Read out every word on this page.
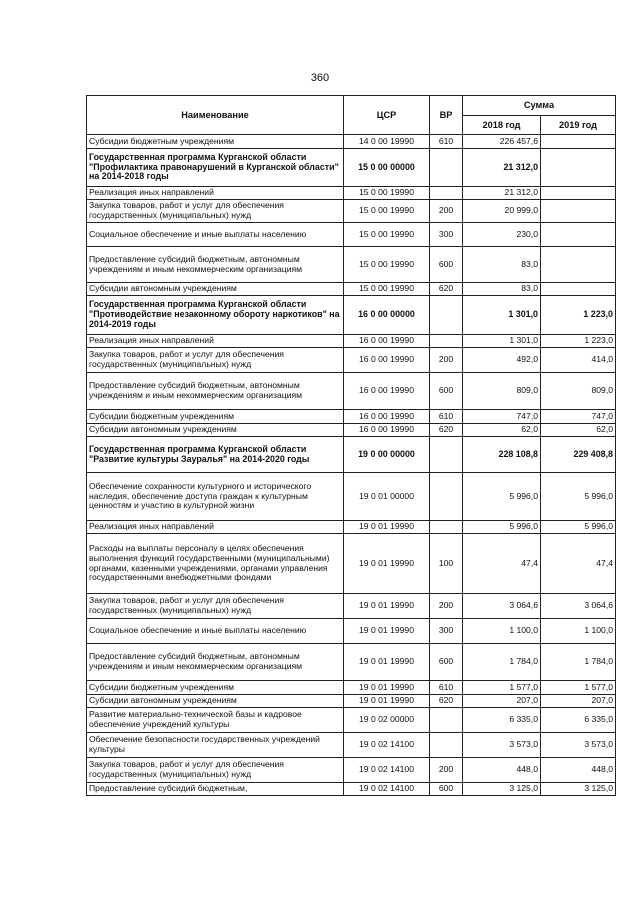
360
Наименование	ЦСР	ВР	Сумма	
			2018 год	2019 год
Субсидии бюджетным учреждениям	14 0 00 19990	610	226 457,6	
Государственная программа Курганской области "Профилактика правонарушений в Курганской области" на 2014-2018 годы	15 0 00 00000		21 312,0	
Реализация иных направлений	15 0 00 19990		21 312,0	
Закупка товаров, работ и услуг для обеспечения государственных (муниципальных) нужд	15 0 00 19990	200	20 999,0	
Социальное обеспечение и иные выплаты населению	15 0 00 19990	300	230,0	
Предоставление субсидий бюджетным, автономным учреждениям и иным некоммерческим организациям	15 0 00 19990	600	83,0	
Субсидии автономным учреждениям	15 0 00 19990	620	83,0	
Государственная программа Курганской области "Противодействие незаконному обороту наркотиков" на 2014-2019 годы	16 0 00 00000		1 301,0	1 223,0
Реализация иных направлений	16 0 00 19990		1 301,0	1 223,0
Закупка товаров, работ и услуг для обеспечения государственных (муниципальных) нужд	16 0 00 19990	200	492,0	414,0
Предоставление субсидий бюджетным, автономным учреждениям и иным некоммерческим организациям	16 0 00 19990	600	809,0	809,0
Субсидии бюджетным учреждениям	16 0 00 19990	610	747,0	747,0
Субсидии автономным учреждениям	16 0 00 19990	620	62,0	62,0
Государственная программа Курганской области "Развитие культуры Зауралья" на 2014-2020 годы	19 0 00 00000		228 108,8	229 408,8
Обеспечение сохранности культурного и исторического наследия, обеспечение доступа граждан к культурным ценностям и участию в культурной жизни	19 0 01 00000		5 996,0	5 996,0
Реализация иных направлений	19 0 01 19990		5 996,0	5 996,0
Расходы на выплаты персоналу в целях обеспечения выполнения функций государственными (муниципальными) органами, казенными учреждениями, органами управления государственными внебюджетными фондами	19 0 01 19990	100	47,4	47,4
Закупка товаров, работ и услуг для обеспечения государственных (муниципальных) нужд	19 0 01 19990	200	3 064,6	3 064,6
Социальное обеспечение и иные выплаты населению	19 0 01 19990	300	1 100,0	1 100,0
Предоставление субсидий бюджетным, автономным учреждениям и иным некоммерческим организациям	19 0 01 19990	600	1 784,0	1 784,0
Субсидии бюджетным учреждениям	19 0 01 19990	610	1 577,0	1 577,0
Субсидии автономным учреждениям	19 0 01 19990	620	207,0	207,0
Развитие материально-технической базы и кадровое обеспечение учреждений культуры	19 0 02 00000		6 335,0	6 335,0
Обеспечение безопасности государственных учреждений культуры	19 0 02 14100		3 573,0	3 573,0
Закупка товаров, работ и услуг для обеспечения государственных (муниципальных) нужд	19 0 02 14100	200	448,0	448,0
Предоставление субсидий бюджетным,	19 0 02 14100	600	3 125,0	3 125,0
